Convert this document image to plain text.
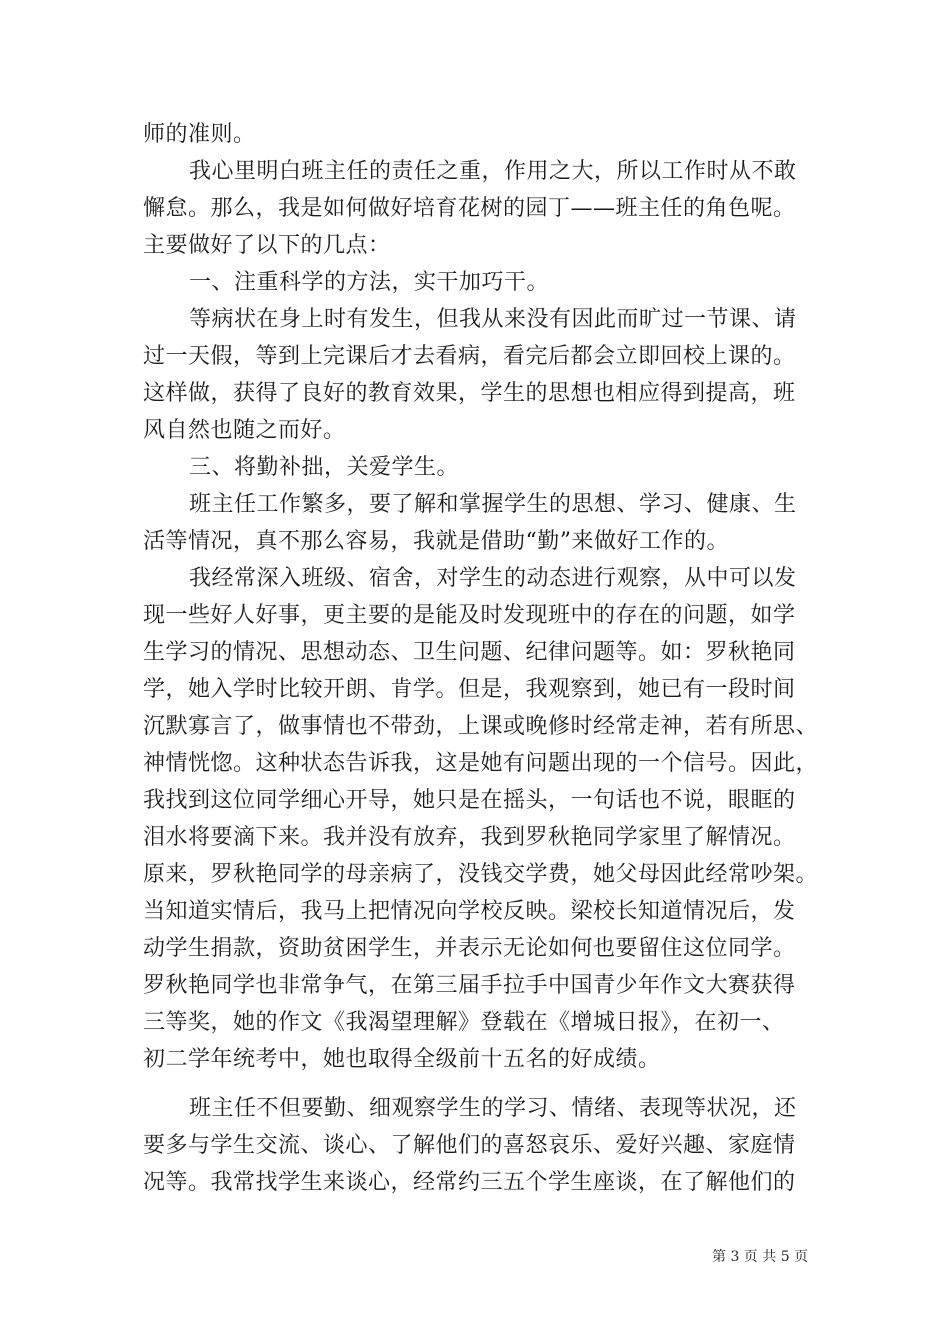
师的准则。
我心里明白班主任的责任之重，作用之大，所以工作时从不敢
懈怠。那么，我是如何做好培育花树的园丁——班主任的角色呢。
主要做好了以下的几点：
一、注重科学的方法，实干加巧干。
等病状在身上时有发生，但我从来没有因此而旷过一节课、请
过一天假，等到上完课后才去看病，看完后都会立即回校上课的。
这样做，获得了良好的教育效果，学生的思想也相应得到提高，班
风自然也随之而好。
三、将勤补拙，关爱学生。
班主任工作繁多，要了解和掌握学生的思想、学习、健康、生
活等情况，真不那么容易，我就是借助“勤”来做好工作的。
我经常深入班级、宿舍，对学生的动态进行观察，从中可以发
现一些好人好事，更主要的是能及时发现班中的存在的问题，如学
生学习的情况、思想动态、卫生问题、纪律问题等。如：罗秋艳同
学，她入学时比较开朗、肯学。但是，我观察到，她已有一段时间
沉默寡言了，做事情也不带劲，上课或晚修时经常走神，若有所思、
神情恍惚。这种状态告诉我，这是她有问题出现的一个信号。因此，
我找到这位同学细心开导，她只是在摇头，一句话也不说，眼眶的
泪水将要滴下来。我并没有放弃，我到罗秋艳同学家里了解情况。
原来，罗秋艳同学的母亲病了，没钱交学费，她父母因此经常吵架。
当知道实情后，我马上把情况向学校反映。梁校长知道情况后，发
动学生捐款，资助贫困学生，并表示无论如何也要留住这位同学。
罗秋艳同学也非常争气，在第三届手拉手中国青少年作文大赛获得
三等奖，她的作文《我渴望理解》登载在《增城日报》，在初一、
初二学年统考中，她也取得全级前十五名的好成绩。
班主任不但要勤、细观察学生的学习、情绪、表现等状况，还
要多与学生交流、谈心、了解他们的喜怒哀乐、爱好兴趣、家庭情
况等。我常找学生来谈心，经常约三五个学生座谈，在了解他们的
第 3 页 共 5 页
